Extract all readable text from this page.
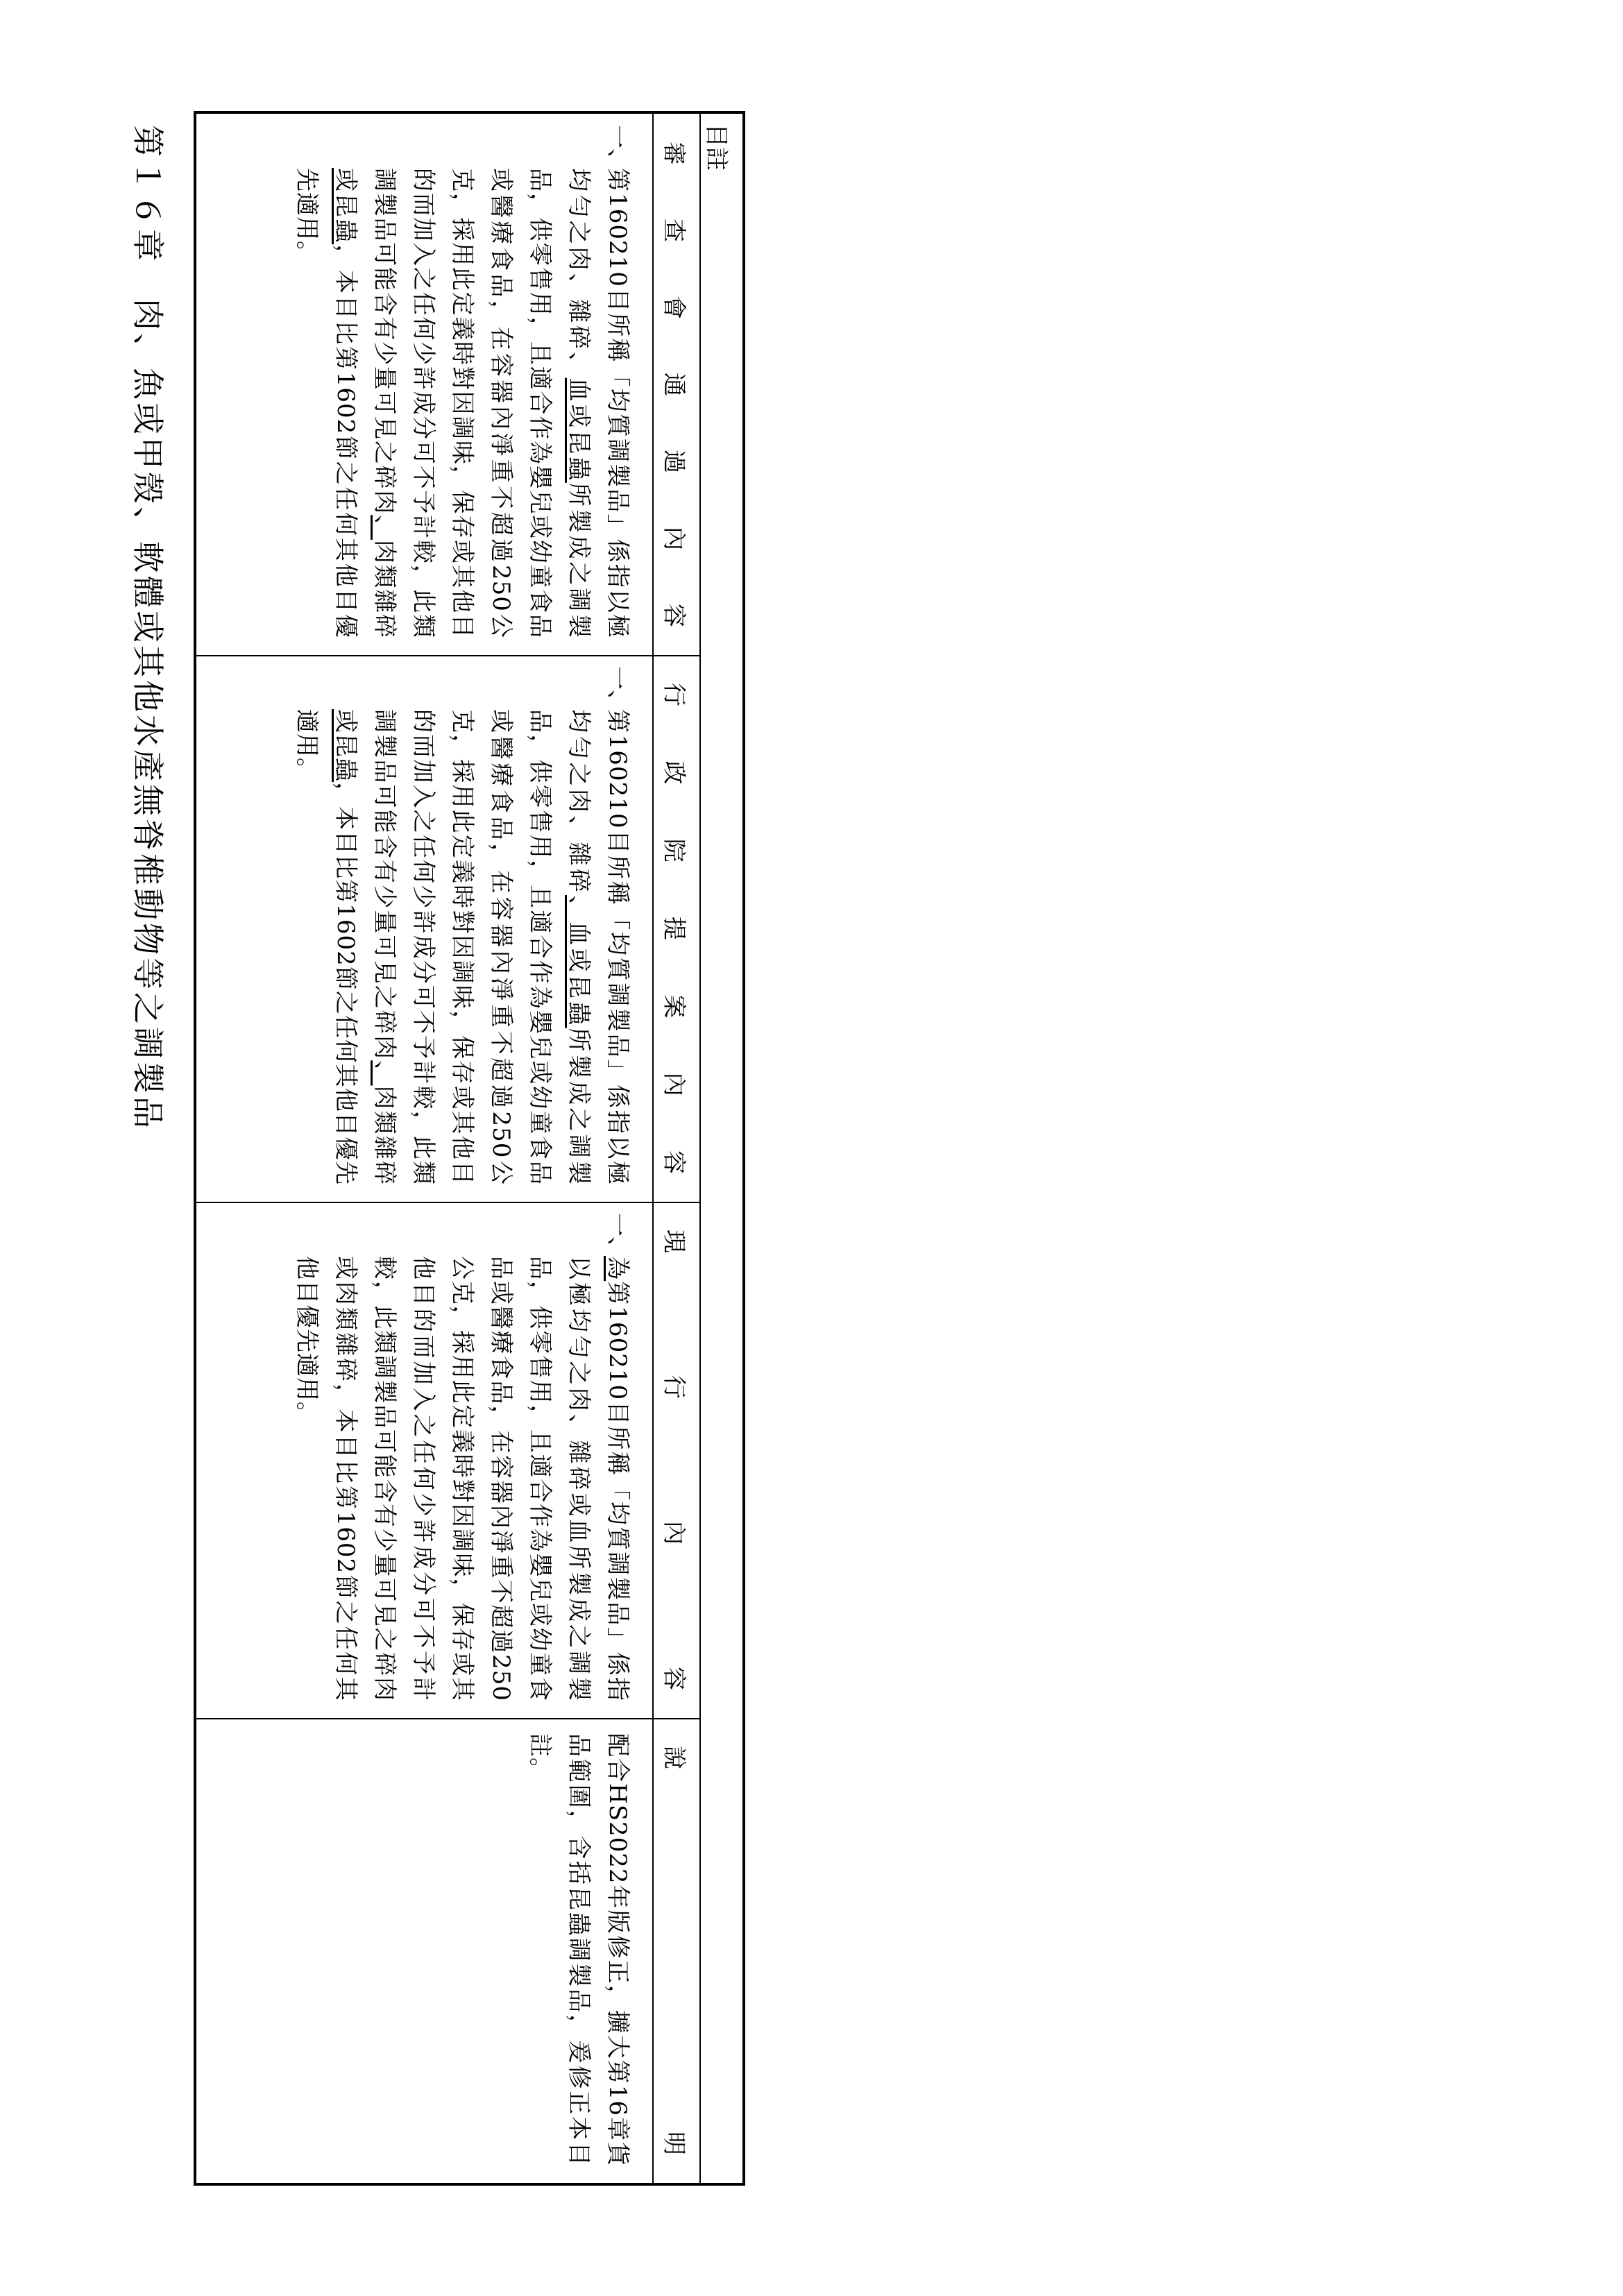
第１６章　肉、魚或甲殼、軟體或其他水產無脊椎動物等之調製品	目註
審
查
會
通
過
內
容
行
政
院
提
案
內
容
現
行
內
容
說
明
一、
第160210目所稱「均質調製品」係指以極均勻之肉、雜碎、血或昆蟲所製成之調製品，供零售用，且適合作為嬰兒或幼童食品或醫療食品，在容器內淨重不超過250公克，採用此定義時對因調味，保存或其他目的而加入之任何少許成分可不予計較，此類調製品可能含有少量可見之碎肉、肉類雜碎或昆蟲，本目比第1602節之任何其他目優先適用。
一、
第160210目所稱「均質調製品」係指以極均勻之肉、雜碎、血或昆蟲所製成之調製品，供零售用，且適合作為嬰兒或幼童食品或醫療食品，在容器內淨重不超過250公克，採用此定義時對因調味，保存或其他目的而加入之任何少許成分可不予計較，此類調製品可能含有少量可見之碎肉、肉類雜碎或昆蟲，本目比第1602節之任何其他目優先適用。
一、
為第160210目所稱「均質調製品」係指以極均勻之肉、雜碎或血所製成之調製品，供零售用，且適合作為嬰兒或幼童食品或醫療食品，在容器內淨重不超過250公克，採用此定義時對因調味，保存或其他目的而加入之任何少許成分可不予計較，此類調製品可能含有少量可見之碎肉或肉類雜碎，本目比第1602節之任何其他目優先適用。
配合HS2022年版修正，擴大第16章貨品範圍，含括昆蟲調製品，爰修正本目註。
